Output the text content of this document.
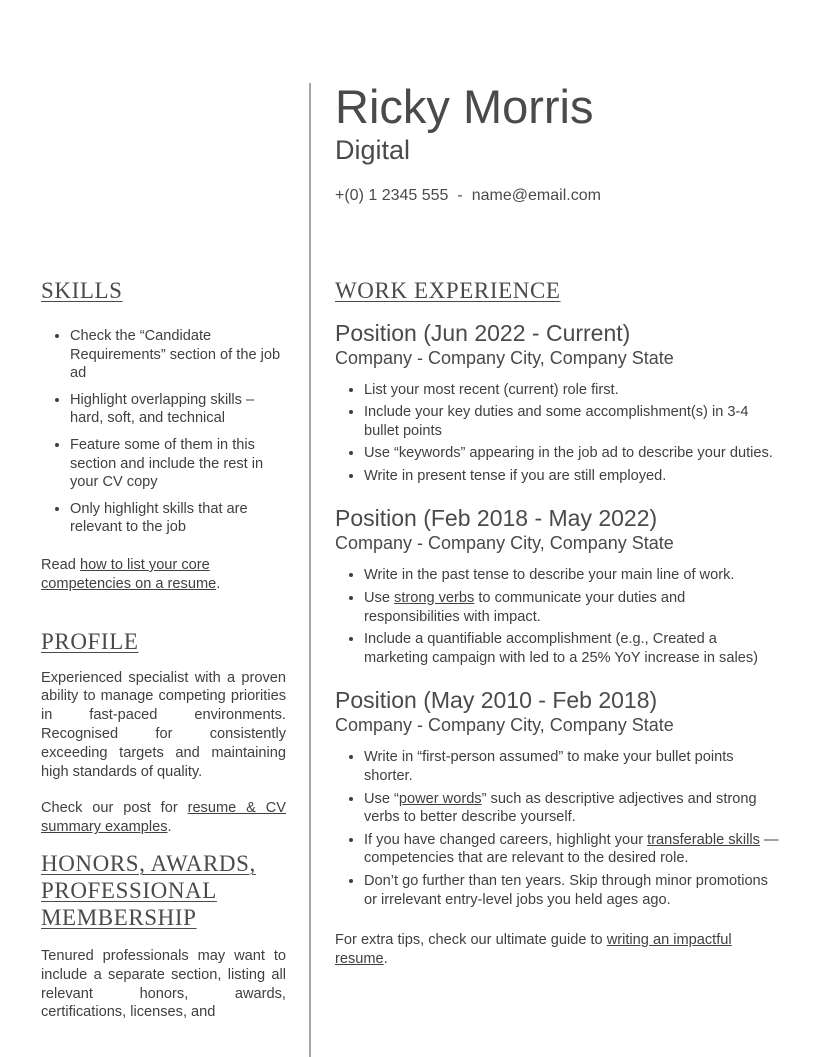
Ricky Morris
Digital
+(0) 1 2345 555 - name@email.com
SKILLS
• Check the “Candidate Requirements” section of the job ad
• Highlight overlapping skills – hard, soft, and technical
• Feature some of them in this section and include the rest in your CV copy
• Only highlight skills that are relevant to the job

Read how to list your core competencies on a resume.

PROFILE

Experienced specialist with a proven ability to manage competing priorities in fast-paced environments. Recognised for consistently exceeding targets and maintaining high standards of quality.

Check our post for resume & CV summary examples.

HONORS, AWARDS,
PROFESSIONAL
MEMBERSHIP

Tenured professionals may want to include a separate section, listing all relevant honors, awards, certifications, licenses, and

WORK EXPERIENCE
Position (Jun 2022 - Current)
Company - Company City, Company State
• List your most recent (current) role first.
• Include your key duties and some accomplishment(s) in 3-4 bullet points
• Use “keywords” appearing in the job ad to describe your duties.
• Write in present tense if you are still employed.
Position (Feb 2018 - May 2022)
Company - Company City, Company State
• Write in the past tense to describe your main line of work.
• Use strong verbs to communicate your duties and responsibilities with impact.
• Include a quantifiable accomplishment (e.g., Created a marketing campaign with led to a 25% YoY increase in sales)
Position (May 2010 - Feb 2018)
Company - Company City, Company State
• Write in “first-person assumed” to make your bullet points shorter.
• Use “power words” such as descriptive adjectives and strong verbs to better describe yourself.
• If you have changed careers, highlight your transferable skills — competencies that are relevant to the desired role.
• Don’t go further than ten years. Skip through minor promotions or irrelevant entry-level jobs you held ages ago.

For extra tips, check our ultimate guide to writing an impactful resume.
